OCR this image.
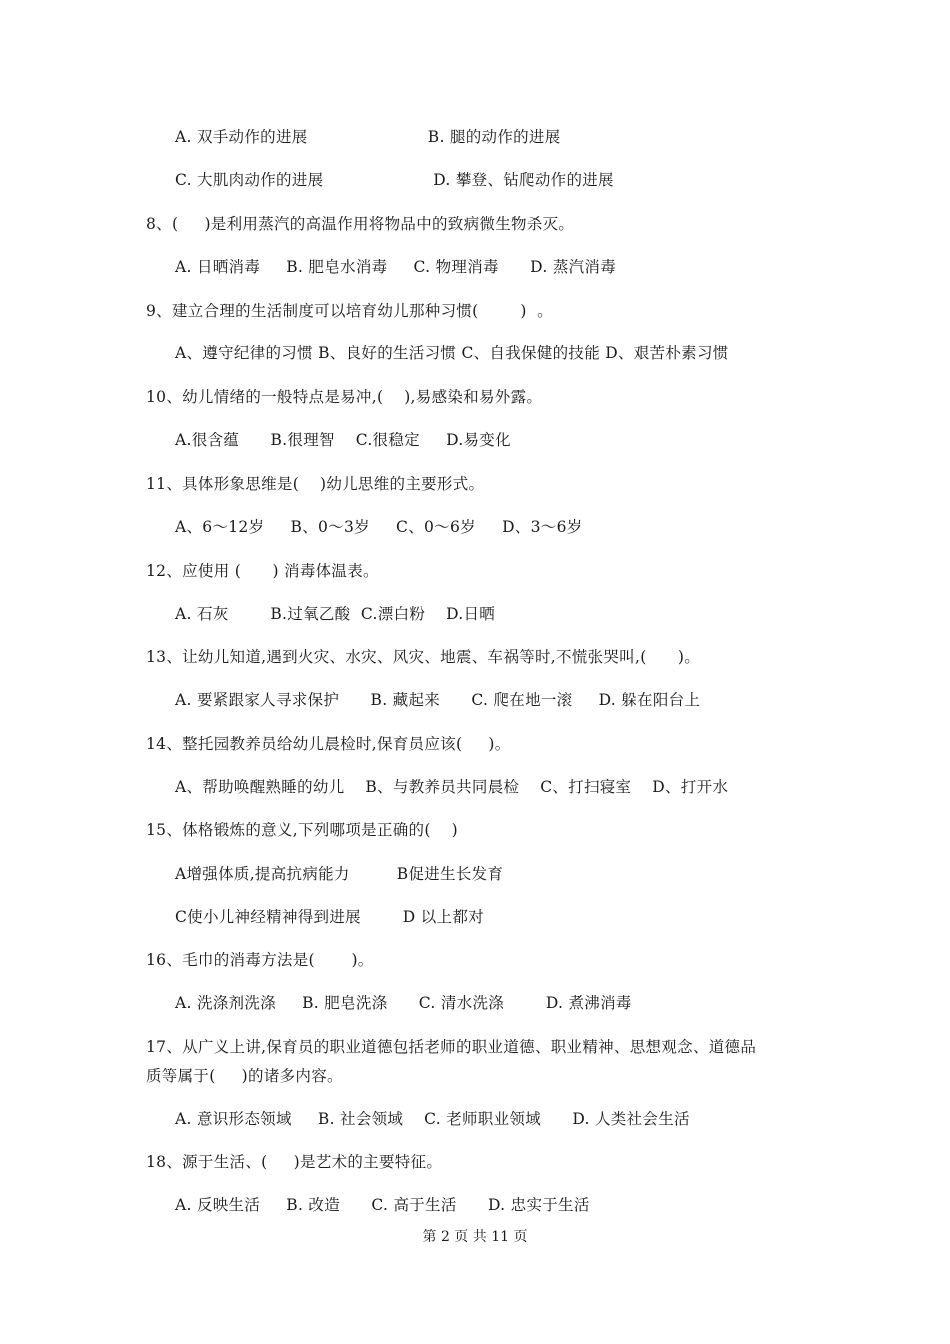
A. 双手动作的进展                       B. 腿的动作的进展
C. 大肌肉动作的进展                     D. 攀登、钻爬动作的进展
8、(     )是利用蒸汽的高温作用将物品中的致病微生物杀灭。
A. 日晒消毒     B. 肥皂水消毒     C. 物理消毒      D. 蒸汽消毒
9、建立合理的生活制度可以培育幼儿那种习惯(        )  。
A、遵守纪律的习惯 B、良好的生活习惯 C、自我保健的技能 D、艰苦朴素习惯
10、幼儿情绪的一般特点是易冲,(    ),易感染和易外露。
A.很含蕴      B.很理智    C.很稳定     D.易变化
11、具体形象思维是(    )幼儿思维的主要形式。
A、6～12岁     B、0～3岁     C、0～6岁     D、3～6岁
12、应使用 (      ) 消毒体温表。
A. 石灰        B.过氧乙酸  C.漂白粉    D.日晒
13、让幼儿知道,遇到火灾、水灾、风灾、地震、车祸等时,不慌张哭叫,(      )。
A. 要紧跟家人寻求保护      B. 藏起来      C. 爬在地一滚     D. 躲在阳台上
14、整托园教养员给幼儿晨检时,保育员应该(     )。
A、帮助唤醒熟睡的幼儿    B、与教养员共同晨检    C、打扫寝室    D、打开水
15、体格锻炼的意义,下列哪项是正确的(    )
A增强体质,提高抗病能力         B促进生长发育
C使小儿神经精神得到进展        D 以上都对
16、毛巾的消毒方法是(       )。
A. 洗涤剂洗涤     B. 肥皂洗涤      C. 清水洗涤        D. 煮沸消毒
17、从广义上讲,保育员的职业道德包括老师的职业道德、职业精神、思想观念、道德品
质等属于(     )的诸多内容。
A. 意识形态领域     B. 社会领域    C. 老师职业领域      D. 人类社会生活
18、源于生活、(     )是艺术的主要特征。
A. 反映生活     B. 改造      C. 高于生活      D. 忠实于生活
第 2 页 共 11 页
